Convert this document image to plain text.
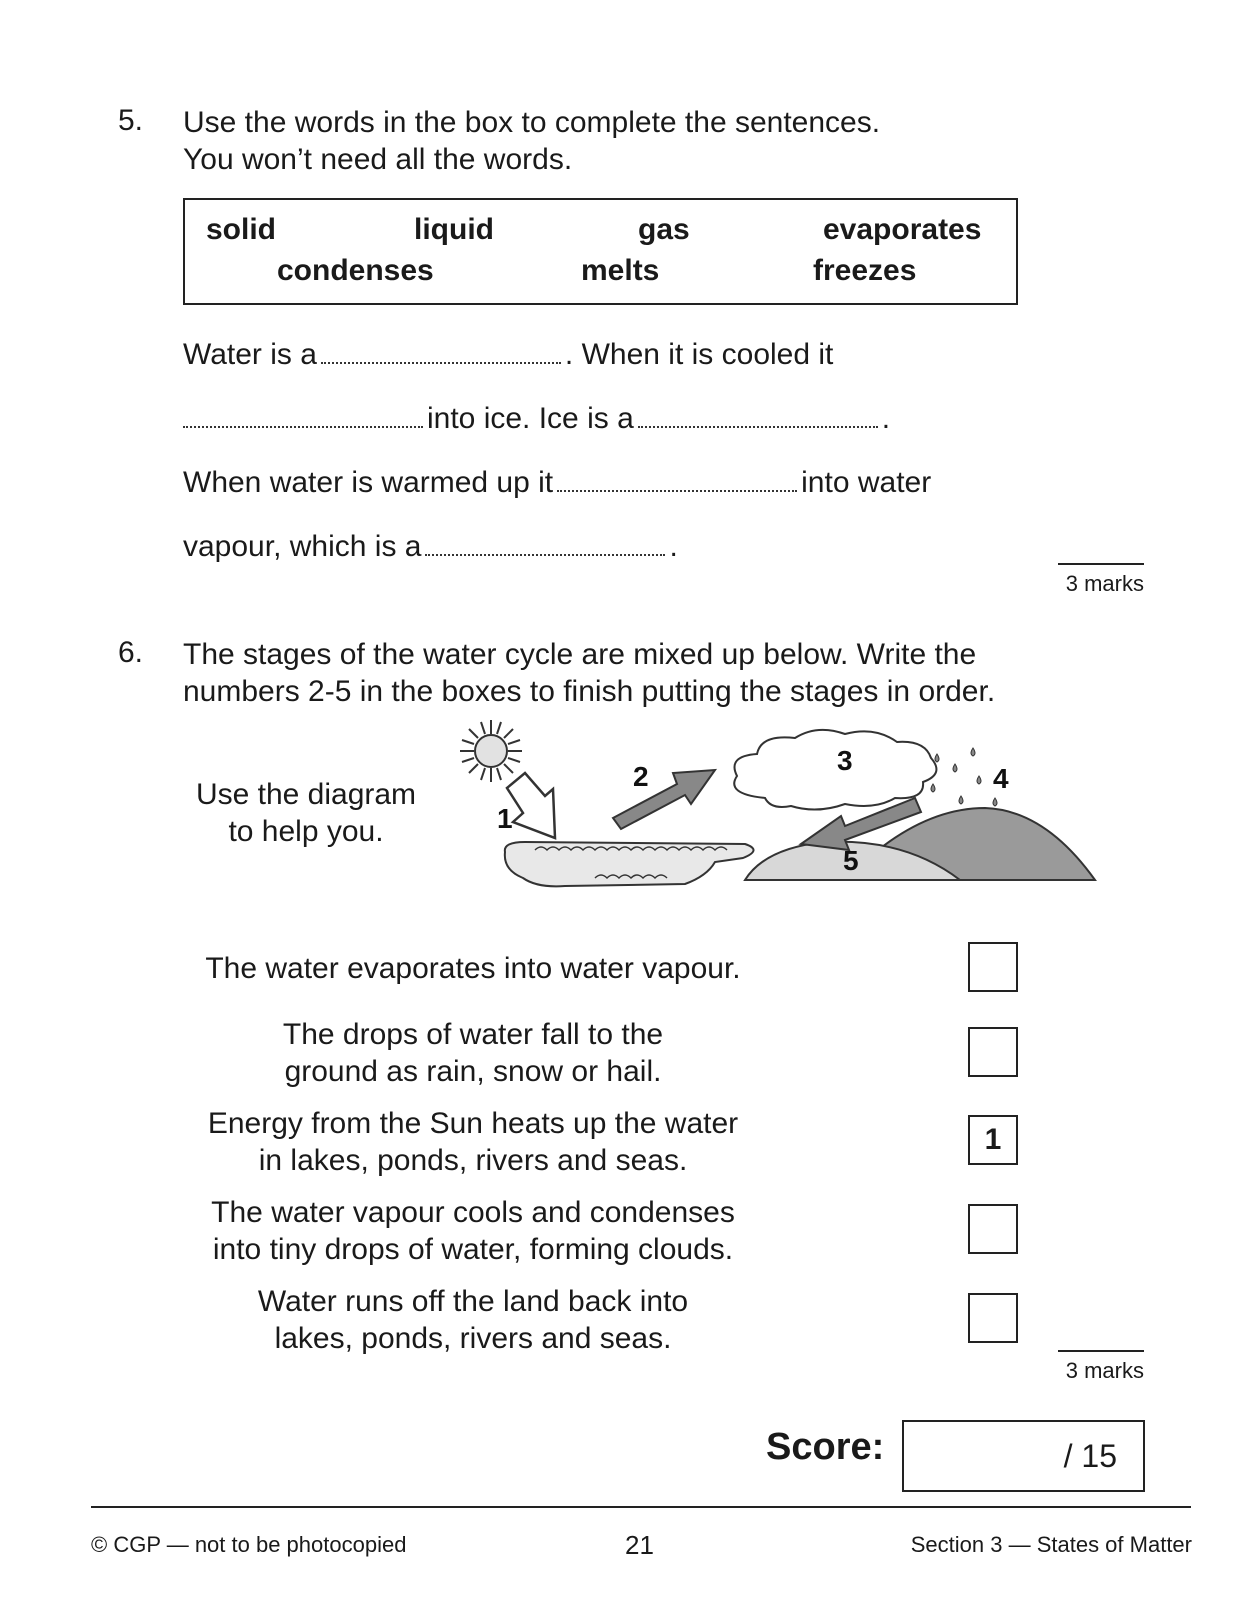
5. Use the words in the box to complete the sentences.
You won’t need all the words.
solid	liquid	gas	evaporates
condenses	melts	freezes
Water is a	. When it is cooled it
into ice. Ice is a	.
When water is warmed up it	into water
vapour, which is a	.
3 marks
6. The stages of the water cycle are mixed up below. Write the
numbers 2-5 in the boxes to finish putting the stages in order.
Use the diagram
to help you.	1
2
3
4
5
The water evaporates into water vapour.
The drops of water fall to the
ground as rain, snow or hail.
Energy from the Sun heats up the water
in lakes, ponds, rivers and seas.
1
The water vapour cools and condenses
into tiny drops of water, forming clouds.
Water runs off the land back into
lakes, ponds, rivers and seas.
3 marks
Score:	/ 15
© CGP — not to be photocopied	21	Section 3 — States of Matter
